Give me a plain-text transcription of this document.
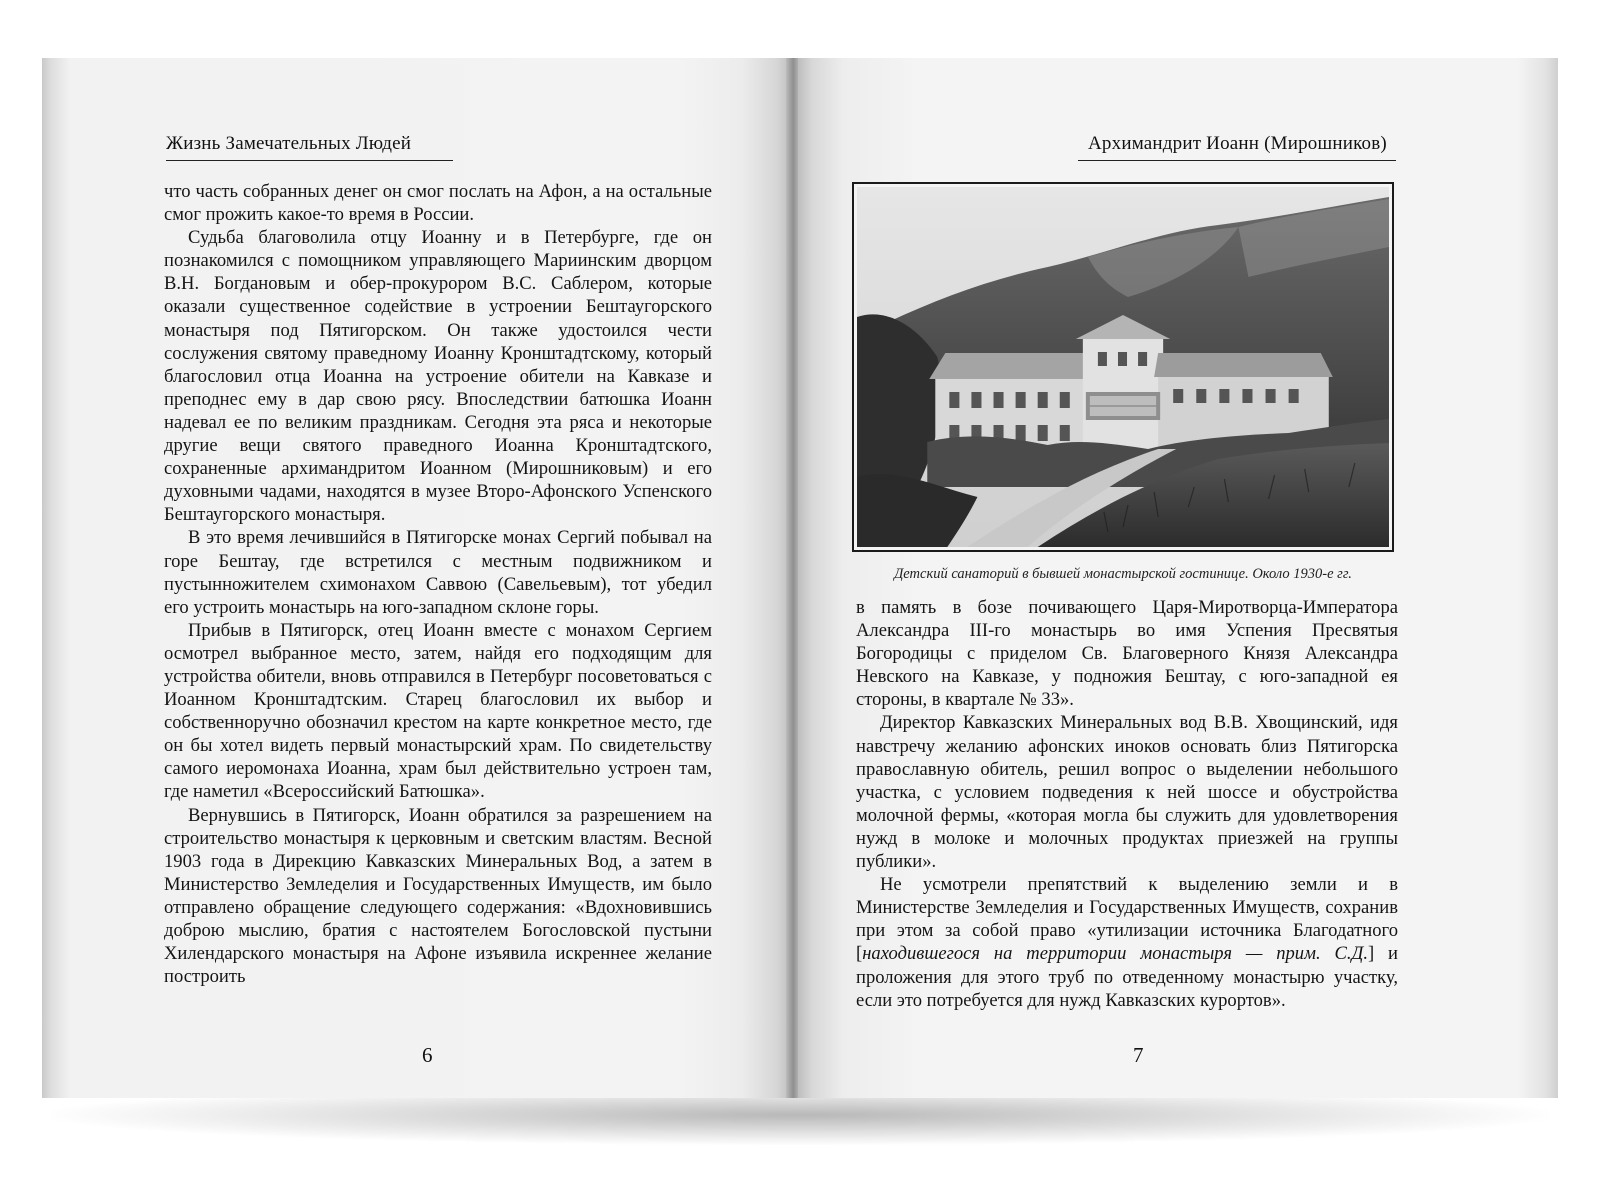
Жизнь Замечательных Людей

что часть собранных денег он смог послать на Афон, а на остальные смог прожить какое-то время в России.

Судьба благоволила отцу Иоанну и в Петербурге, где он познакомился с помощником управляющего Мариинским дворцом В.Н. Богдановым и обер-прокурором В.С. Саблером, которые оказали существенное содействие в устроении Бештаугорского монастыря под Пятигорском. Он также удостоился чести сослужения святому праведному Иоанну Кронштадтскому, который благословил отца Иоанна на устроение обители на Кавказе и преподнес ему в дар свою рясу. Впоследствии батюшка Иоанн надевал ее по великим праздникам. Сегодня эта ряса и некоторые другие вещи святого праведного Иоанна Кронштадтского, сохраненные архимандритом Иоанном (Мирошниковым) и его духовными чадами, находятся в музее Второ-Афонского Успенского Бештаугорского монастыря.

В это время лечившийся в Пятигорске монах Сергий побывал на горе Бештау, где встретился с местным подвижником и пустынножителем схимонахом Саввою (Савельевым), тот убедил его устроить монастырь на юго-западном склоне горы.

Прибыв в Пятигорск, отец Иоанн вместе с монахом Сергием осмотрел выбранное место, затем, найдя его подходящим для устройства обители, вновь отправился в Петербург посоветоваться с Иоанном Кронштадтским. Старец благословил их выбор и собственноручно обозначил крестом на карте конкретное место, где он бы хотел видеть первый монастырский храм. По свидетельству самого иеромонаха Иоанна, храм был действительно устроен там, где наметил «Всероссийский Батюшка».

Вернувшись в Пятигорск, Иоанн обратился за разрешением на строительство монастыря к церковным и светским властям. Весной 1903 года в Дирекцию Кавказских Минеральных Вод, а затем в Министерство Земледелия и Государственных Имуществ, им было отправлено обращение следующего содержания: «Вдохновившись доброю мыслию, братия с настоятелем Богословской пустыни Хилендарского монастыря на Афоне изъявила искреннее желание построить

6
Архимандрит Иоанн (Мирошников)
Детский санаторий в бывшей монастырской гостинице. Около 1930-е гг.

в память в бозе почивающего Царя-Миротворца-Императора Александра III-го монастырь во имя Успения Пресвятыя Богородицы с приделом Св. Благоверного Князя Александра Невского на Кавказе, у подножия Бештау, с юго-западной ея стороны, в квартале № 33».

Директор Кавказских Минеральных вод В.В. Хвощинский, идя навстречу желанию афонских иноков основать близ Пятигорска православную обитель, решил вопрос о выделении небольшого участка, с условием подведения к ней шоссе и обустройства молочной фермы, «которая могла бы служить для удовлетворения нужд в молоке и молочных продуктах приезжей на группы публики».

Не усмотрели препятствий к выделению земли и в Министерстве Земледелия и Государственных Имуществ, сохранив при этом за собой право «утилизации источника Благодатного [находившегося на территории монастыря — прим. С.Д.] и проложения для этого труб по отведенному монастырю участку, если это потребуется для нужд Кавказских курортов».

7
